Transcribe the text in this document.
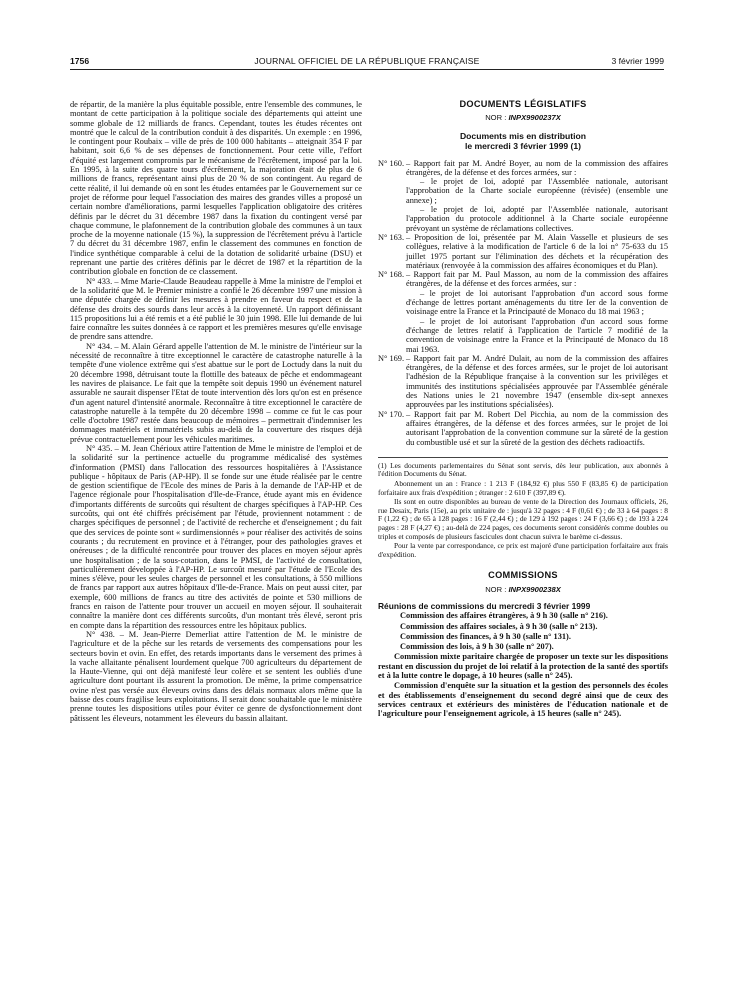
1756	JOURNAL OFFICIEL DE LA RÉPUBLIQUE FRANÇAISE	3 février 1999

de répartir, de la manière la plus équitable possible, entre l'ensemble des communes, le montant de cette participation à la politique sociale des départements qui atteint une somme globale de 12 milliards de francs. Cependant, toutes les études récentes ont montré que le calcul de la contribution conduit à des disparités. Un exemple : en 1996, le contingent pour Roubaix – ville de près de 100 000 habitants – atteignait 354 F par habitant, soit 6,6 % de ses dépenses de fonctionnement. Pour cette ville, l'effort d'équité est largement compromis par le mécanisme de l'écrêtement, imposé par la loi. En 1995, à la suite des quatre tours d'écrêtement, la majoration était de plus de 6 millions de francs, représentant ainsi plus de 20 % de son contingent. Au regard de cette réalité, il lui demande où en sont les études entamées par le Gouvernement sur ce projet de réforme pour lequel l'association des maires des grandes villes a proposé un certain nombre d'améliorations, parmi lesquelles l'application obligatoire des critères définis par le décret du 31 décembre 1987 dans la fixation du contingent versé par chaque commune, le plafonnement de la contribution globale des communes à un taux proche de la moyenne nationale (15 %), la suppression de l'écrêtement prévu à l'article 7 du décret du 31 décembre 1987, enfin le classement des communes en fonction de l'indice synthétique comparable à celui de la dotation de solidarité urbaine (DSU) et reprenant une partie des critères définis par le décret de 1987 et la répartition de la contribution globale en fonction de ce classement.

N° 433. – Mme Marie-Claude Beaudeau rappelle à Mme la ministre de l'emploi et de la solidarité que M. le Premier ministre a confié le 26 décembre 1997 une mission à une députée chargée de définir les mesures à prendre en faveur du respect et de la défense des droits des sourds dans leur accès à la citoyenneté. Un rapport définissant 115 propositions lui a été remis et a été publié le 30 juin 1998. Elle lui demande de lui faire connaître les suites données à ce rapport et les premières mesures qu'elle envisage de prendre sans attendre.

N° 434. – M. Alain Gérard appelle l'attention de M. le ministre de l'intérieur sur la nécessité de reconnaître à titre exceptionnel le caractère de catastrophe naturelle à la tempête d'une violence extrême qui s'est abattue sur le port de Loctudy dans la nuit du 20 décembre 1998, détruisant toute la flottille des bateaux de pêche et endommageant les navires de plaisance. Le fait que la tempête soit depuis 1990 un événement naturel assurable ne saurait dispenser l'Etat de toute intervention dès lors qu'on est en présence d'un agent naturel d'intensité anormale. Reconnaître à titre exceptionnel le caractère de catastrophe naturelle à la tempête du 20 décembre 1998 – comme ce fut le cas pour celle d'octobre 1987 restée dans beaucoup de mémoires – permettrait d'indemniser les dommages matériels et immatériels subis au-delà de la couverture des risques déjà prévue contractuellement pour les véhicules maritimes.

N° 435. – M. Jean Chérioux attire l'attention de Mme le ministre de l'emploi et de la solidarité sur la pertinence actuelle du programme médicalisé des systèmes d'information (PMSI) dans l'allocation des ressources hospitalières à l'Assistance publique - hôpitaux de Paris (AP-HP). Il se fonde sur une étude réalisée par le centre de gestion scientifique de l'Ecole des mines de Paris à la demande de l'AP-HP et de l'agence régionale pour l'hospitalisation d'Ile-de-France, étude ayant mis en évidence d'importants différents de surcoûts qui résultent de charges spécifiques à l'AP-HP. Ces surcoûts, qui ont été chiffrés précisément par l'étude, proviennent notamment : de charges spécifiques de personnel ; de l'activité de recherche et d'enseignement ; du fait que des services de pointe sont « surdimensionnés » pour réaliser des activités de soins courants ; du recrutement en province et à l'étranger, pour des pathologies graves et onéreuses ; de la difficulté rencontrée pour trouver des places en moyen séjour après une hospitalisation ; de la sous-cotation, dans le PMSI, de l'activité de consultation, particulièrement développée à l'AP-HP. Le surcoût mesuré par l'étude de l'Ecole des mines s'élève, pour les seules charges de personnel et les consultations, à 550 millions de francs par rapport aux autres hôpitaux d'Ile-de-France. Mais on peut aussi citer, par exemple, 600 millions de francs au titre des activités de pointe et 530 millions de francs en raison de l'attente pour trouver un accueil en moyen séjour. Il souhaiterait connaître la manière dont ces différents surcoûts, d'un montant très élevé, seront pris en compte dans la répartition des ressources entre les hôpitaux publics.

N° 438. – M. Jean-Pierre Demerliat attire l'attention de M. le ministre de l'agriculture et de la pêche sur les retards de versements des compensations pour les secteurs bovin et ovin. En effet, des retards importants dans le versement des primes à la vache allaitante pénalisent lourdement quelque 700 agriculteurs du département de la Haute-Vienne, qui ont déjà manifesté leur colère et se sentent les oubliés d'une agriculture dont pourtant ils assurent la promotion. De même, la prime compensatrice ovine n'est pas versée aux éleveurs ovins dans des délais normaux alors même que la baisse des cours fragilise leurs exploitations. Il serait donc souhaitable que le ministère prenne toutes les dispositions utiles pour éviter ce genre de dysfonctionnement dont pâtissent les éleveurs, notamment les éleveurs du bassin allaitant.

DOCUMENTS LÉGISLATIFS

NOR : INPX9900237X

Documents mis en distribution
le mercredi 3 février 1999 (1)

N° 160. – Rapport fait par M. André Boyer, au nom de la commission des affaires étrangères, de la défense et des forces armées, sur :

– le projet de loi, adopté par l'Assemblée nationale, autorisant l'approbation de la Charte sociale européenne (révisée) (ensemble une annexe) ;

– le projet de loi, adopté par l'Assemblée nationale, autorisant l'approbation du protocole additionnel à la Charte sociale européenne prévoyant un système de réclamations collectives.

N° 163. – Proposition de loi, présentée par M. Alain Vasselle et plusieurs de ses collègues, relative à la modification de l'article 6 de la loi n° 75-633 du 15 juillet 1975 portant sur l'élimination des déchets et la récupération des matériaux (renvoyée à la commission des affaires économiques et du Plan).

N° 168. – Rapport fait par M. Paul Masson, au nom de la commission des affaires étrangères, de la défense et des forces armées, sur :

– le projet de loi autorisant l'approbation d'un accord sous forme d'échange de lettres portant aménagements du titre Ier de la convention de voisinage entre la France et la Principauté de Monaco du 18 mai 1963 ;

– le projet de loi autorisant l'approbation d'un accord sous forme d'échange de lettres relatif à l'application de l'article 7 modifié de la convention de voisinage entre la France et la Principauté de Monaco du 18 mai 1963.

N° 169. – Rapport fait par M. André Dulait, au nom de la commission des affaires étrangères, de la défense et des forces armées, sur le projet de loi autorisant l'adhésion de la République française à la convention sur les privilèges et immunités des institutions spécialisées approuvée par l'Assemblée générale des Nations unies le 21 novembre 1947 (ensemble dix-sept annexes approuvées par les institutions spécialisées).

N° 170. – Rapport fait par M. Robert Del Picchia, au nom de la commission des affaires étrangères, de la défense et des forces armées, sur le projet de loi autorisant l'approbation de la convention commune sur la sûreté de la gestion du combustible usé et sur la sûreté de la gestion des déchets radioactifs.

(1) Les documents parlementaires du Sénat sont servis, dès leur publication, aux abonnés à l'édition Documents du Sénat.

Abonnement un an : France : 1 213 F (184,92 €) plus 550 F (83,85 €) de participation forfaitaire aux frais d'expédition ; étranger : 2 610 F (397,89 €).

Ils sont en outre disponibles au bureau de vente de la Direction des Journaux officiels, 26, rue Desaix, Paris (15e), au prix unitaire de : jusqu'à 32 pages : 4 F (0,61 €) ; de 33 à 64 pages : 8 F (1,22 €) ; de 65 à 128 pages : 16 F (2,44 €) ; de 129 à 192 pages : 24 F (3,66 €) ; de 193 à 224 pages : 28 F (4,27 €) ; au-delà de 224 pages, ces documents seront considérés comme doubles ou triples et composés de plusieurs fascicules dont chacun suivra le barème ci-dessus.

Pour la vente par correspondance, ce prix est majoré d'une participation forfaitaire aux frais d'expédition.

COMMISSIONS

NOR : INPX9900238X

Réunions de commissions du mercredi 3 février 1999

Commission des affaires étrangères, à 9 h 30 (salle n° 216).

Commission des affaires sociales, à 9 h 30 (salle n° 213).

Commission des finances, à 9 h 30 (salle n° 131).

Commission des lois, à 9 h 30 (salle n° 207).

Commission mixte paritaire chargée de proposer un texte sur les dispositions restant en discussion du projet de loi relatif à la protection de la santé des sportifs et à la lutte contre le dopage, à 10 heures (salle n° 245).

Commission d'enquête sur la situation et la gestion des personnels des écoles et des établissements d'enseignement du second degré ainsi que de ceux des services centraux et extérieurs des ministères de l'éducation nationale et de l'agriculture pour l'enseignement agricole, à 15 heures (salle n° 245).
